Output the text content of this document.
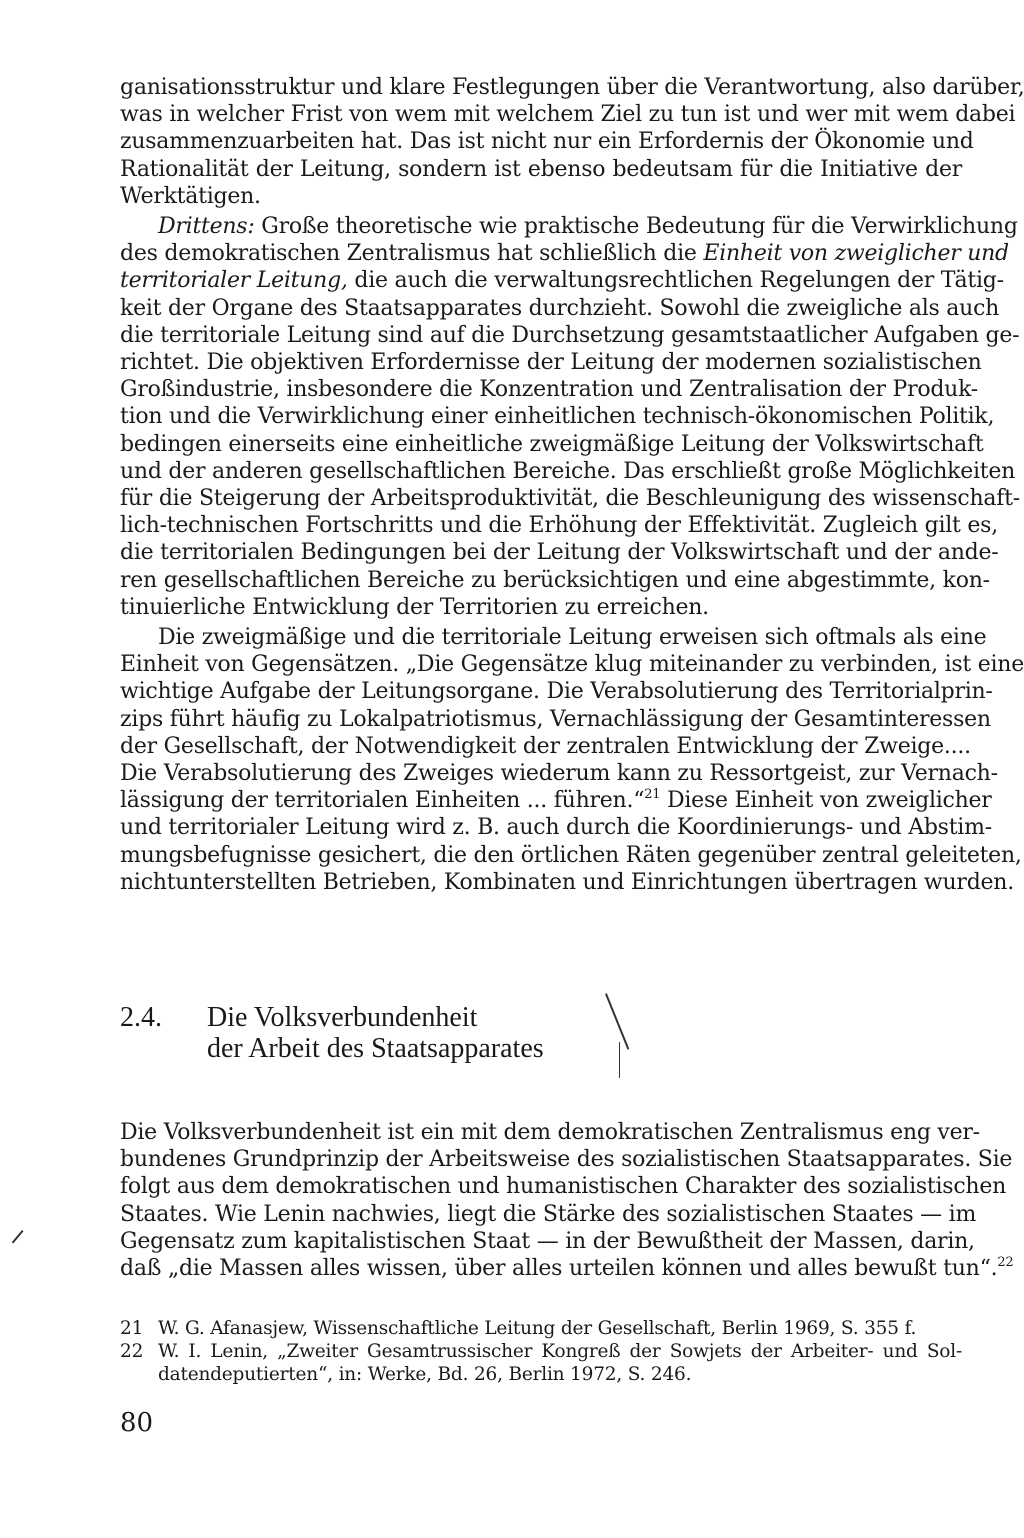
ganisationsstruktur und klare Festlegungen über die Verantwortung, also darüber,
was in welcher Frist von wem mit welchem Ziel zu tun ist und wer mit wem dabei
zusammenzuarbeiten hat. Das ist nicht nur ein Erfordernis der Ökonomie und
Rationalität der Leitung, sondern ist ebenso bedeutsam für die Initiative der
Werktätigen.
Drittens: Große theoretische wie praktische Bedeutung für die Verwirklichung
des demokratischen Zentralismus hat schließlich die Einheit von zweiglicher und
territorialer Leitung, die auch die verwaltungsrechtlichen Regelungen der Tätig-
keit der Organe des Staatsapparates durchzieht. Sowohl die zweigliche als auch
die territoriale Leitung sind auf die Durchsetzung gesamtstaatlicher Aufgaben ge-
richtet. Die objektiven Erfordernisse der Leitung der modernen sozialistischen
Großindustrie, insbesondere die Konzentration und Zentralisation der Produk-
tion und die Verwirklichung einer einheitlichen technisch-ökonomischen Politik,
bedingen einerseits eine einheitliche zweigmäßige Leitung der Volkswirtschaft
und der anderen gesellschaftlichen Bereiche. Das erschließt große Möglichkeiten
für die Steigerung der Arbeitsproduktivität, die Beschleunigung des wissenschaft-
lich-technischen Fortschritts und die Erhöhung der Effektivität. Zugleich gilt es,
die territorialen Bedingungen bei der Leitung der Volkswirtschaft und der ande-
ren gesellschaftlichen Bereiche zu berücksichtigen und eine abgestimmte, kon-
tinuierliche Entwicklung der Territorien zu erreichen.
Die zweigmäßige und die territoriale Leitung erweisen sich oftmals als eine
Einheit von Gegensätzen. „Die Gegensätze klug miteinander zu verbinden, ist eine
wichtige Aufgabe der Leitungsorgane. Die Verabsolutierung des Territorialprin-
zips führt häufig zu Lokalpatriotismus, Vernachlässigung der Gesamtinteressen
der Gesellschaft, der Notwendigkeit der zentralen Entwicklung der Zweige....
Die Verabsolutierung des Zweiges wiederum kann zu Ressortgeist, zur Vernach-
lässigung der territorialen Einheiten ... führen.“$^{21}$ Diese Einheit von zweiglicher
und territorialer Leitung wird z. B. auch durch die Koordinierungs- und Abstim-
mungsbefugnisse gesichert, die den örtlichen Räten gegenüber zentral geleiteten,
nichtunterstellten Betrieben, Kombinaten und Einrichtungen übertragen wurden.
2.4. Die Volksverbundenheit
der Arbeit des Staatsapparates
Die Volksverbundenheit ist ein mit dem demokratischen Zentralismus eng ver-
bundenes Grundprinzip der Arbeitsweise des sozialistischen Staatsapparates. Sie
folgt aus dem demokratischen und humanistischen Charakter des sozialistischen
Staates. Wie Lenin nachwies, liegt die Stärke des sozialistischen Staates — im
Gegensatz zum kapitalistischen Staat — in der Bewußtheit der Massen, darin,
daß „die Massen alles wissen, über alles urteilen können und alles bewußt tun“.$^{22}$
21 W. G. Afanasjew, Wissenschaftliche Leitung der Gesellschaft, Berlin 1969, S. 355 f.
22 W. I. Lenin, „Zweiter Gesamtrussischer Kongreß der Sowjets der Arbeiter- und Sol-
datendeputierten“, in: Werke, Bd. 26, Berlin 1972, S. 246.
80
